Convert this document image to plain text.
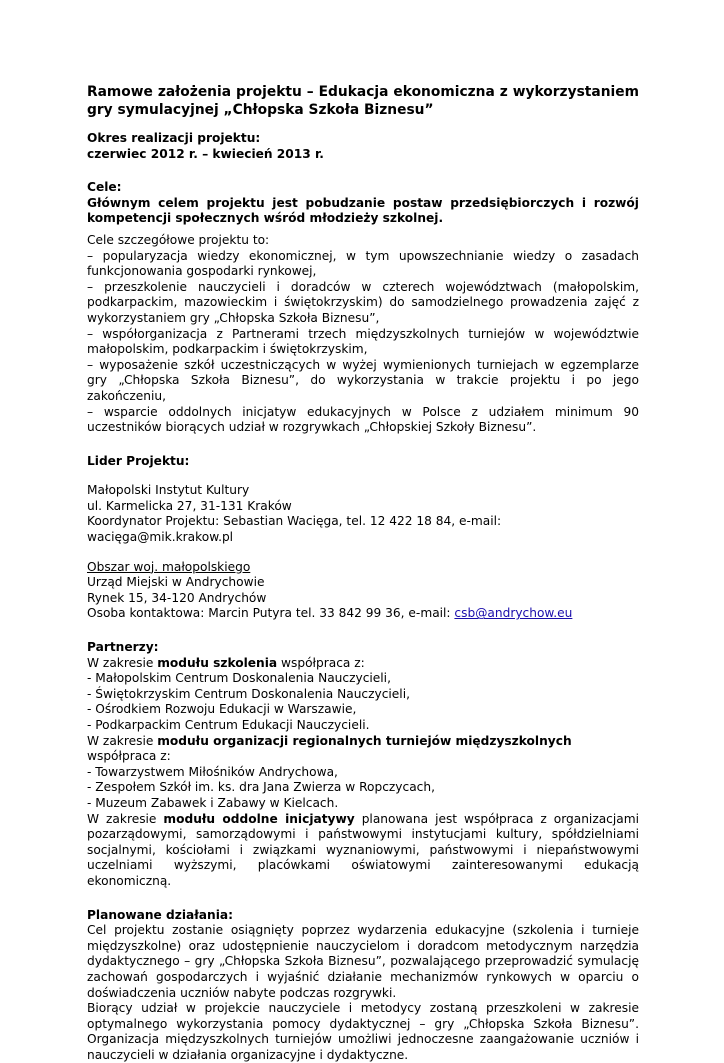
Ramowe założenia projektu – Edukacja ekonomiczna z wykorzystaniem gry symulacyjnej „Chłopska Szkoła Biznesu”

Okres realizacji projektu:

czerwiec 2012 r. – kwiecień 2013 r.

Cele:

Głównym celem projektu jest pobudzanie postaw przedsiębiorczych i rozwój kompetencji społecznych wśród młodzieży szkolnej.

Cele szczegółowe projektu to:

– popularyzacja wiedzy ekonomicznej, w tym upowszechnianie wiedzy o zasadach funkcjonowania gospodarki rynkowej,

– przeszkolenie nauczycieli i doradców w czterech województwach (małopolskim, podkarpackim, mazowieckim i świętokrzyskim) do samodzielnego prowadzenia zajęć z wykorzystaniem gry „Chłopska Szkoła Biznesu”,

– współorganizacja z Partnerami trzech międzyszkolnych turniejów w województwie małopolskim, podkarpackim i świętokrzyskim,

– wyposażenie szkół uczestniczących w wyżej wymienionych turniejach w egzemplarze gry „Chłopska Szkoła Biznesu”, do wykorzystania w trakcie projektu i po jego zakończeniu,

– wsparcie oddolnych inicjatyw edukacyjnych w Polsce z udziałem minimum 90 uczestników biorących udział w rozgrywkach „Chłopskiej Szkoły Biznesu”.

Lider Projektu:

Małopolski Instytut Kultury

ul. Karmelicka 27, 31-131 Kraków

Koordynator Projektu: Sebastian Wacięga, tel. 12 422 18 84, e-mail: wacięga@mik.krakow.pl

Obszar woj. małopolskiego

Urząd Miejski w Andrychowie

Rynek 15, 34-120 Andrychów

Osoba kontaktowa: Marcin Putyra tel. 33 842 99 36, e-mail: csb@andrychow.eu

Partnerzy:

W zakresie modułu szkolenia współpraca z:

- Małopolskim Centrum Doskonalenia Nauczycieli,

- Świętokrzyskim Centrum Doskonalenia Nauczycieli,

- Ośrodkiem Rozwoju Edukacji w Warszawie,

- Podkarpackim Centrum Edukacji Nauczycieli.

W zakresie modułu organizacji regionalnych turniejów międzyszkolnych współpraca z:

- Towarzystwem Miłośników Andrychowa,

- Zespołem Szkół im. ks. dra Jana Zwierza w Ropczycach,

- Muzeum Zabawek i Zabawy w Kielcach.

W zakresie modułu oddolne inicjatywy planowana jest współpraca z organizacjami pozarządowymi, samorządowymi i państwowymi instytucjami kultury, spółdzielniami socjalnymi, kościołami i związkami wyznaniowymi, państwowymi i niepaństwowymi uczelniami wyższymi, placówkami oświatowymi zainteresowanymi edukacją ekonomiczną.

Planowane działania:

Cel projektu zostanie osiągnięty poprzez wydarzenia edukacyjne (szkolenia i turnieje międzyszkolne) oraz udostępnienie nauczycielom i doradcom metodycznym narzędzia dydaktycznego – gry „Chłopska Szkoła Biznesu”, pozwalającego przeprowadzić symulację zachowań gospodarczych i wyjaśnić działanie mechanizmów rynkowych w oparciu o doświadczenia uczniów nabyte podczas rozgrywki.

Biorący udział w projekcie nauczyciele i metodycy zostaną przeszkoleni w zakresie optymalnego wykorzystania pomocy dydaktycznej – gry „Chłopska Szkoła Biznesu”. Organizacja międzyszkolnych turniejów umożliwi jednoczesne zaangażowanie uczniów i nauczycieli w działania organizacyjne i dydaktyczne.
